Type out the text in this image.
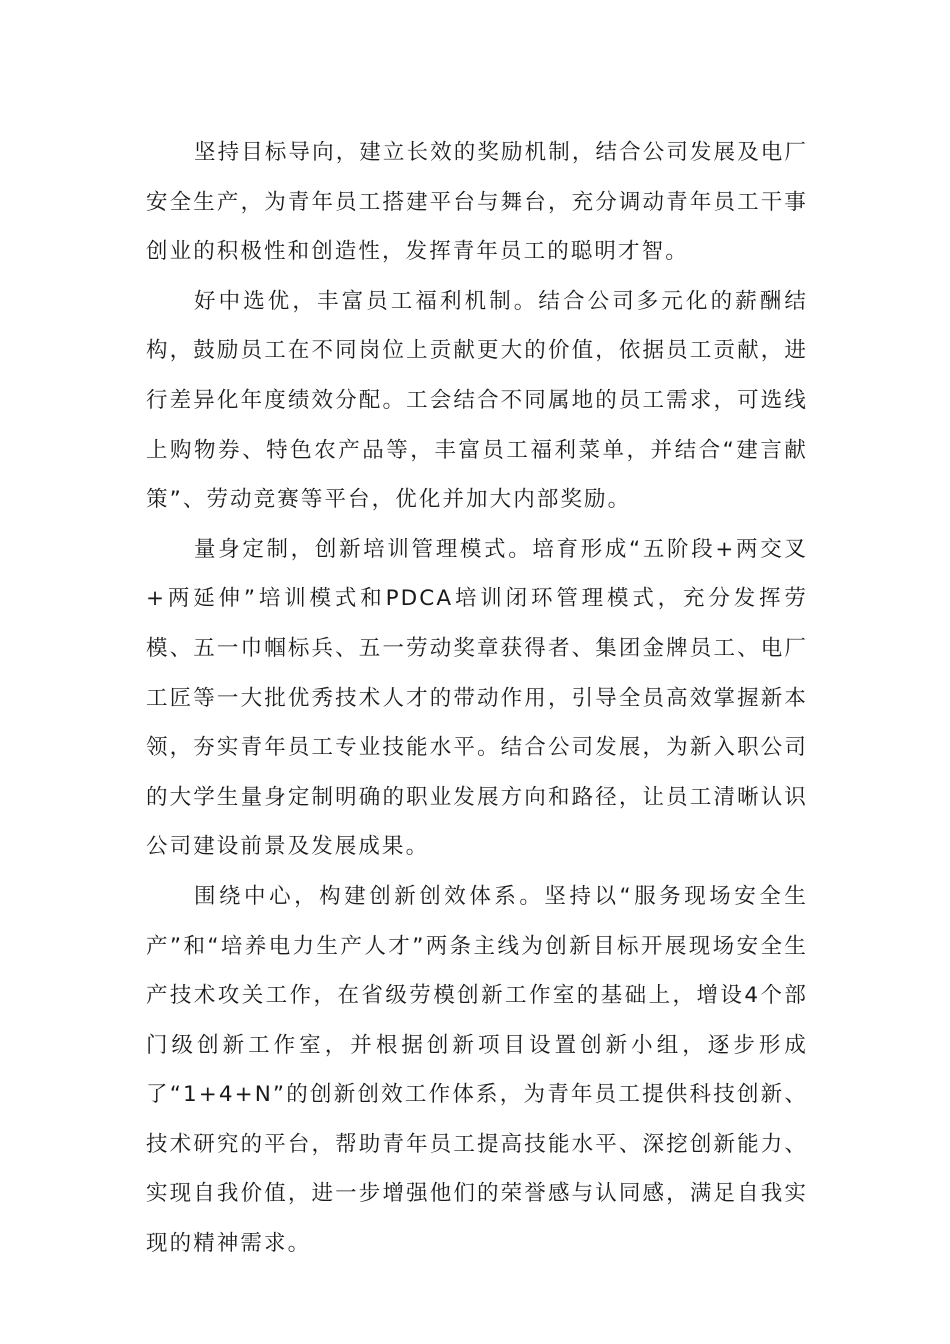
坚持目标导向，建立长效的奖励机制，结合公司发展及电厂安全生产，为青年员工搭建平台与舞台，充分调动青年员工干事创业的积极性和创造性，发挥青年员工的聪明才智。

好中选优，丰富员工福利机制。结合公司多元化的薪酬结构，鼓励员工在不同岗位上贡献更大的价值，依据员工贡献，进行差异化年度绩效分配。工会结合不同属地的员工需求，可选线上购物券、特色农产品等，丰富员工福利菜单，并结合“建言献策”、劳动竞赛等平台，优化并加大内部奖励。

量身定制，创新培训管理模式。培育形成“五阶段+两交叉+两延伸”培训模式和PDCA培训闭环管理模式，充分发挥劳模、五一巾帼标兵、五一劳动奖章获得者、集团金牌员工、电厂工匠等一大批优秀技术人才的带动作用，引导全员高效掌握新本领，夯实青年员工专业技能水平。结合公司发展，为新入职公司的大学生量身定制明确的职业发展方向和路径，让员工清晰认识公司建设前景及发展成果。

围绕中心，构建创新创效体系。坚持以“服务现场安全生产”和“培养电力生产人才”两条主线为创新目标开展现场安全生产技术攻关工作，在省级劳模创新工作室的基础上，增设4个部门级创新工作室，并根据创新项目设置创新小组，逐步形成了“1+4+N”的创新创效工作体系，为青年员工提供科技创新、技术研究的平台，帮助青年员工提高技能水平、深挖创新能力、实现自我价值，进一步增强他们的荣誉感与认同感，满足自我实现的精神需求。
